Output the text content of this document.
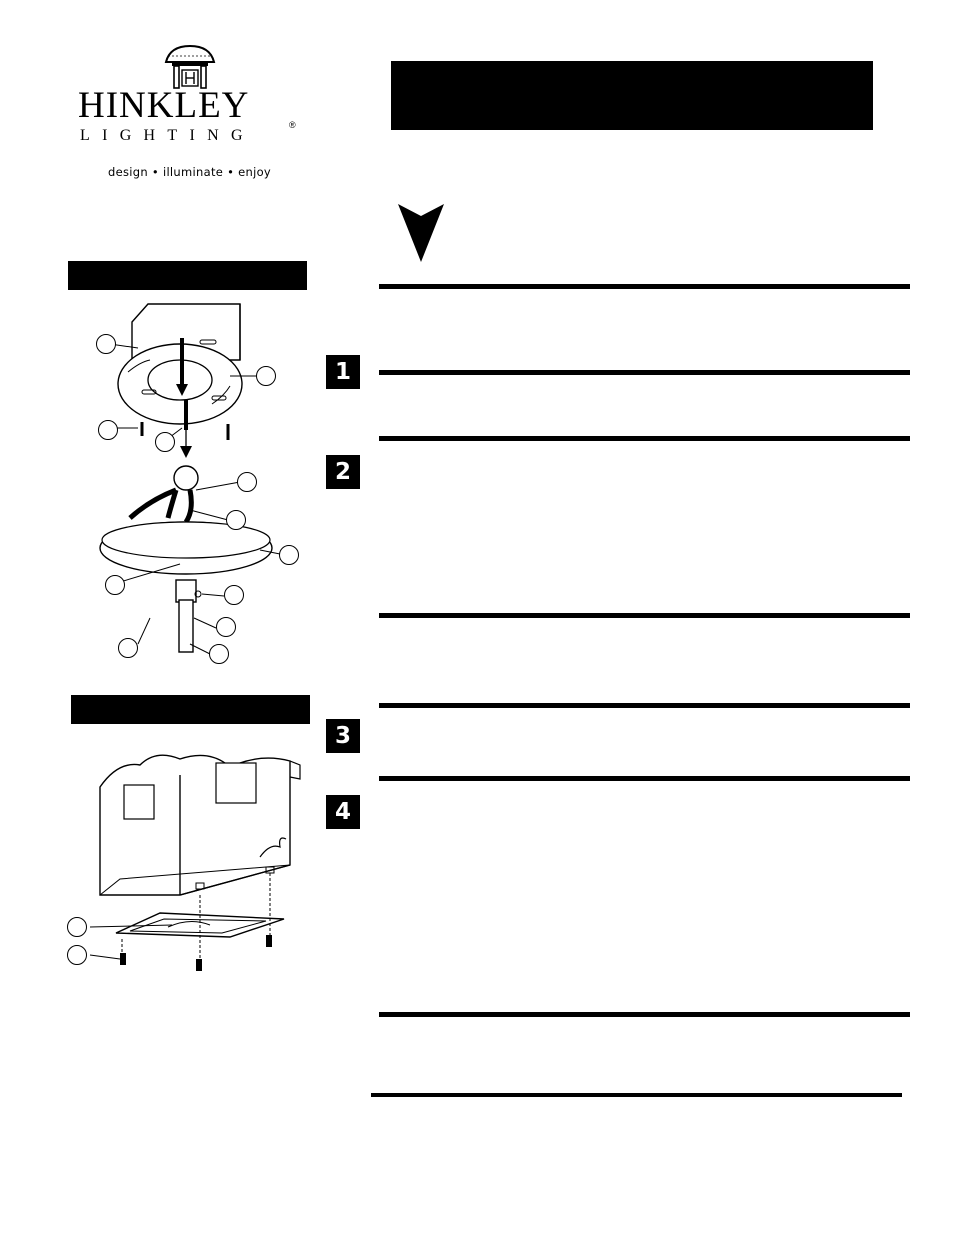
HINKLEY	®
LIGHTING
design • illuminate • enjoy
1
2
3
4
